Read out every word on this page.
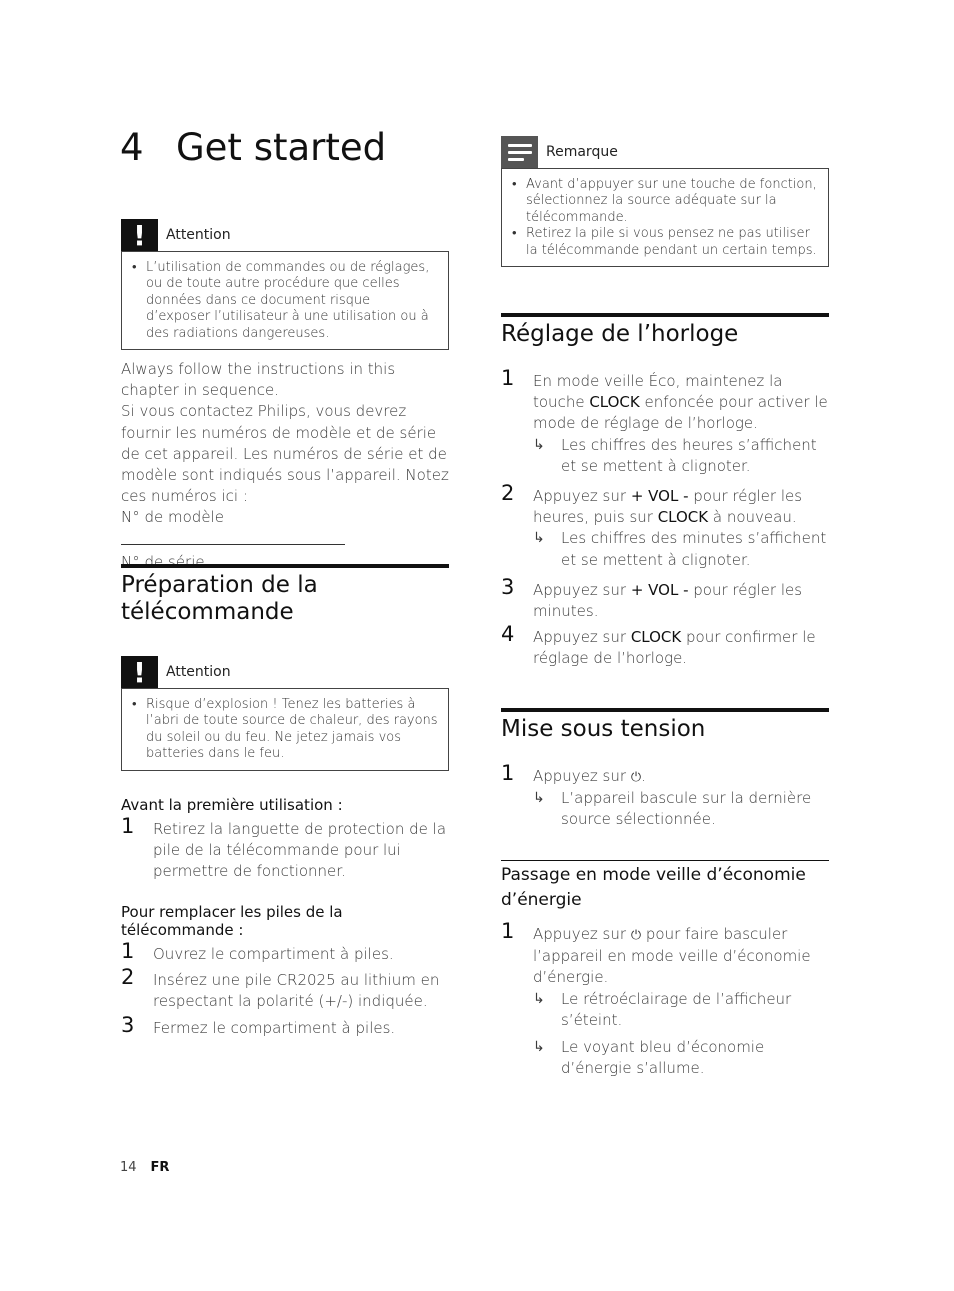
4 Get started
!	Attention
• L’utilisation de commandes ou de réglages, ou de toute autre procédure que celles données dans ce document risque d’exposer l’utilisateur à une utilisation ou à des radiations dangereuses.
Always follow the instructions in this chapter in sequence.
Si vous contactez Philips, vous devrez fournir les numéros de modèle et de série de cet appareil. Les numéros de série et de modèle sont indiqués sous l’appareil. Notez ces numéros ici :
N° de modèle
N° de série
Préparation de la télécommande
!	Attention
• Risque d’explosion ! Tenez les batteries à l’abri de toute source de chaleur, des rayons du soleil ou du feu. Ne jetez jamais vos batteries dans le feu.
Avant la première utilisation :
1 Retirez la languette de protection de la pile de la télécommande pour lui permettre de fonctionner.
Pour remplacer les piles de la télécommande :
1 Ouvrez le compartiment à piles.
2 Insérez une pile CR2025 au lithium en respectant la polarité (+/-) indiquée.
3 Fermez le compartiment à piles.
Remarque
• Avant d’appuyer sur une touche de fonction, sélectionnez la source adéquate sur la télécommande.
• Retirez la pile si vous pensez ne pas utiliser la télécommande pendant un certain temps.
Réglage de l’horloge
1 En mode veille Éco, maintenez la touche CLOCK enfoncée pour activer le mode de réglage de l’horloge.
↳ Les chiffres des heures s’affichent et se mettent à clignoter.
2 Appuyez sur + VOL - pour régler les heures, puis sur CLOCK à nouveau.
↳ Les chiffres des minutes s’affichent et se mettent à clignoter.
3 Appuyez sur + VOL - pour régler les minutes.
4 Appuyez sur CLOCK pour confirmer le réglage de l’horloge.
Mise sous tension
1 Appuyez sur ⏻.
↳ L’appareil bascule sur la dernière source sélectionnée.
Passage en mode veille d’économie d’énergie
1 Appuyez sur ⏻ pour faire basculer l’appareil en mode veille d’économie d’énergie.
↳ Le rétroéclairage de l’afficheur s’éteint.
↳ Le voyant bleu d’économie d’énergie s’allume.
14 FR
